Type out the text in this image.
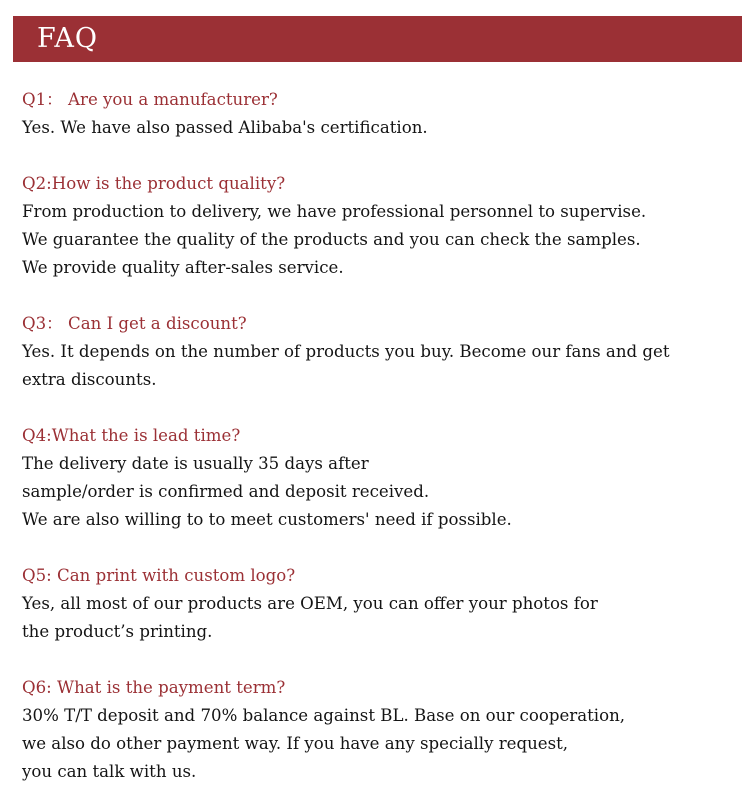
FAQ
Q1： Are you a manufacturer?
Yes. We have also passed Alibaba's certification.
Q2:How is the product quality?
From production to delivery, we have professional personnel to supervise.
We guarantee the quality of the products and you can check the samples.
We provide quality after-sales service.
Q3： Can I get a discount?
Yes. It depends on the number of products you buy. Become our fans and get
extra discounts.
Q4:What the is lead time?
The delivery date is usually 35 days after
sample/order is confirmed and deposit received.
We are also willing to to meet customers' need if possible.
Q5: Can print with custom logo?
Yes, all most of our products are OEM, you can offer your photos for
the product’s printing.
Q6: What is the payment term?
30% T/T deposit and 70% balance against BL. Base on our cooperation,
we also do other payment way. If you have any specially request,
you can talk with us.
